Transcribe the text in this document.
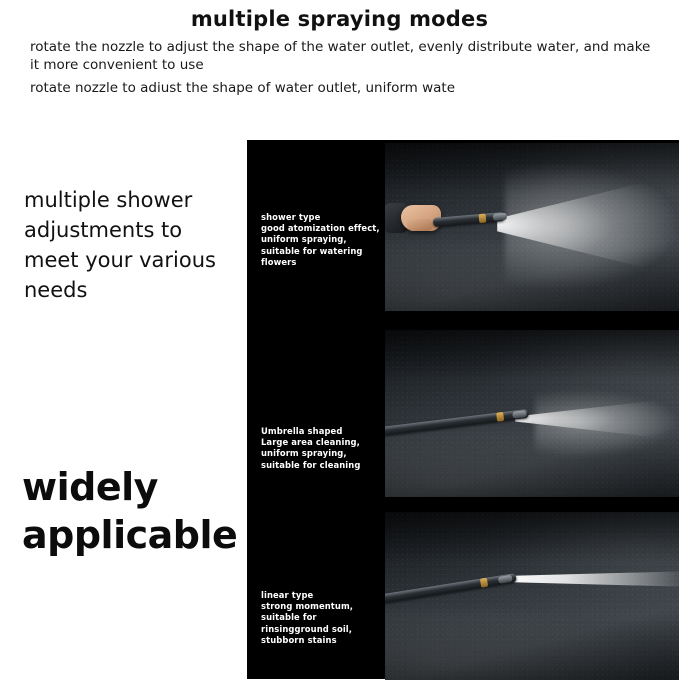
multiple spraying modes
rotate the nozzle to adjust the shape of the water outlet, evenly distribute water, and make it more convenient to use
rotate nozzle to adiust the shape of water outlet, uniform wate
multiple shower adjustments to meet your various needs
widely applicable
shower type
good atomization effect, uniform spraying, suitable for watering flowers
Umbrella shaped
Large area cleaning, uniform spraying, suitable for cleaning
linear type
strong momentum, suitable for rinsingground soil, stubborn stains
